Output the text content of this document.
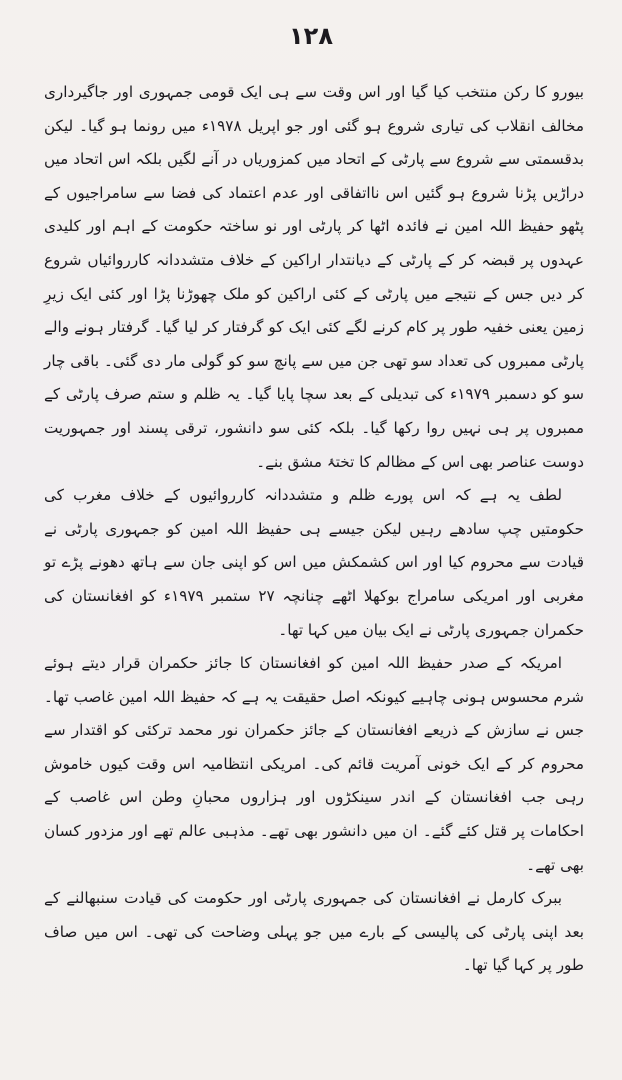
۱۲۸

بیورو کا رکن منتخب کیا گیا اور اس وقت سے ہی ایک قومی جمہوری اور جاگیرداری مخالف انقلاب کی تیاری شروع ہو گئی اور جو اپریل ۱۹۷۸ء میں رونما ہو گیا۔ لیکن بدقسمتی سے شروع سے پارٹی کے اتحاد میں کمزوریاں در آنے لگیں بلکہ اس اتحاد میں دراڑیں پڑنا شروع ہو گئیں اس نااتفاقی اور عدم اعتماد کی فضا سے سامراجیوں کے پٹھو حفیظ اللہ امین نے فائدہ اٹھا کر پارٹی اور نو ساختہ حکومت کے اہم اور کلیدی عہدوں پر قبضہ کر کے پارٹی کے دیانتدار اراکین کے خلاف متشددانہ کارروائیاں شروع کر دیں جس کے نتیجے میں پارٹی کے کئی اراکین کو ملک چھوڑنا پڑا اور کئی ایک زیرِ زمین یعنی خفیہ طور پر کام کرنے لگے کئی ایک کو گرفتار کر لیا گیا۔ گرفتار ہونے والے پارٹی ممبروں کی تعداد سو تھی جن میں سے پانچ سو کو گولی مار دی گئی۔ باقی چار سو کو دسمبر ۱۹۷۹ء کی تبدیلی کے بعد سچا پایا گیا۔ یہ ظلم و ستم صرف پارٹی کے ممبروں پر ہی نہیں روا رکھا گیا۔ بلکہ کئی سو دانشور، ترقی پسند اور جمہوریت دوست عناصر بھی اس کے مظالم کا تختۂ مشق بنے۔

لطف یہ ہے کہ اس پورے ظلم و متشددانہ کارروائیوں کے خلاف مغرب کی حکومتیں چپ سادھے رہیں لیکن جیسے ہی حفیظ اللہ امین کو جمہوری پارٹی نے قیادت سے محروم کیا اور اس کشمکش میں اس کو اپنی جان سے ہاتھ دھونے پڑے تو مغربی اور امریکی سامراج بوکھلا اٹھے چنانچہ ۲۷ ستمبر ۱۹۷۹ء کو افغانستان کی حکمران جمہوری پارٹی نے ایک بیان میں کہا تھا۔

امریکہ کے صدر حفیظ اللہ امین کو افغانستان کا جائز حکمران قرار دیتے ہوئے شرم محسوس ہونی چاہیے کیونکہ اصل حقیقت یہ ہے کہ حفیظ اللہ امین غاصب تھا۔ جس نے سازش کے ذریعے افغانستان کے جائز حکمران نور محمد ترکئی کو اقتدار سے محروم کر کے ایک خونی آمریت قائم کی۔ امریکی انتظامیہ اس وقت کیوں خاموش رہی جب افغانستان کے اندر سینکڑوں اور ہزاروں محبانِ وطن اس غاصب کے احکامات پر قتل کئے گئے۔ ان میں دانشور بھی تھے۔ مذہبی عالم تھے اور مزدور کسان بھی تھے۔

ببرک کارمل نے افغانستان کی جمہوری پارٹی اور حکومت کی قیادت سنبھالنے کے بعد اپنی پارٹی کی پالیسی کے بارے میں جو پہلی وضاحت کی تھی۔ اس میں صاف طور پر کہا گیا تھا۔
